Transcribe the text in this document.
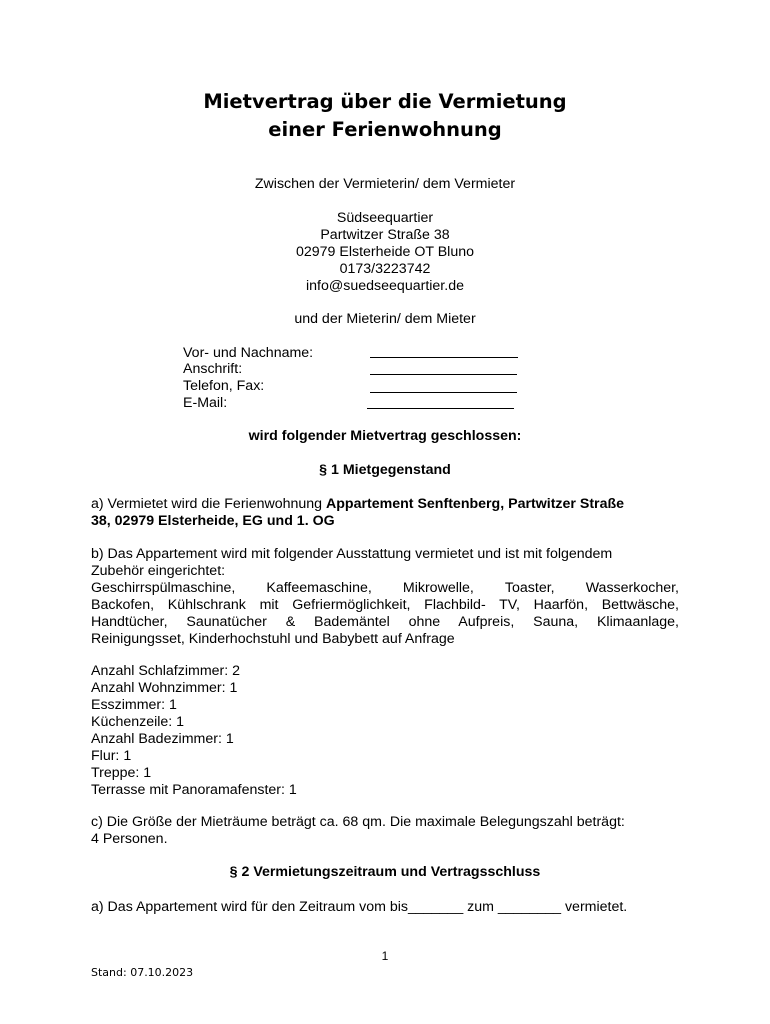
Mietvertrag über die Vermietung
einer Ferienwohnung
Zwischen der Vermieterin/ dem Vermieter
Südseequartier
Partwitzer Straße 38
02979 Elsterheide OT Bluno
0173/3223742
info@suedseequartier.de
und der Mieterin/ dem Mieter
Vor- und Nachname:
Anschrift:
Telefon, Fax:
E-Mail:
wird folgender Mietvertrag geschlossen:
§ 1 Mietgegenstand
a) Vermietet wird die Ferienwohnung Appartement Senftenberg, Partwitzer Straße
38, 02979 Elsterheide, EG und 1. OG
b) Das Appartement wird mit folgender Ausstattung vermietet und ist mit folgendem
Zubehör eingerichtet:
Geschirrspülmaschine, Kaffeemaschine, Mikrowelle, Toaster, Wasserkocher,
Backofen, Kühlschrank mit Gefriermöglichkeit, Flachbild- TV, Haarfön, Bettwäsche,
Handtücher, Saunatücher & Bademäntel ohne Aufpreis, Sauna, Klimaanlage,
Reinigungsset, Kinderhochstuhl und Babybett auf Anfrage
Anzahl Schlafzimmer: 2
Anzahl Wohnzimmer: 1
Esszimmer: 1
Küchenzeile: 1
Anzahl Badezimmer: 1
Flur: 1
Treppe: 1
Terrasse mit Panoramafenster: 1
c) Die Größe der Mieträume beträgt ca. 68 qm. Die maximale Belegungszahl beträgt:
4 Personen.
§ 2 Vermietungszeitraum und Vertragsschluss
a) Das Appartement wird für den Zeitraum vom bis_______ zum ________ vermietet.
1
Stand: 07.10.2023
